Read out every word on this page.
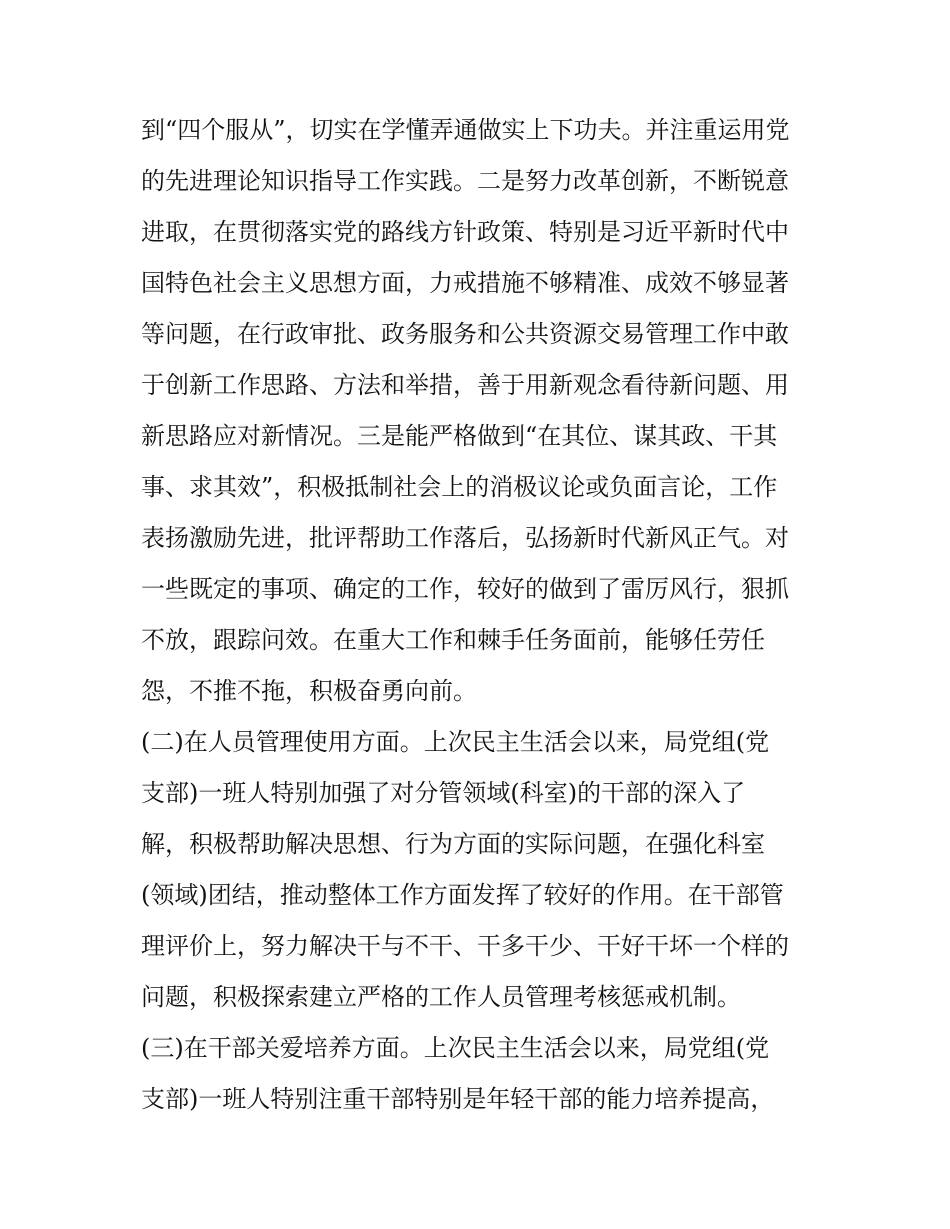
到“四个服从”，切实在学懂弄通做实上下功夫。并注重运用党
的先进理论知识指导工作实践。二是努力改革创新，不断锐意
进取，在贯彻落实党的路线方针政策、特别是习近平新时代中
国特色社会主义思想方面，力戒措施不够精准、成效不够显著
等问题，在行政审批、政务服务和公共资源交易管理工作中敢
于创新工作思路、方法和举措，善于用新观念看待新问题、用
新思路应对新情况。三是能严格做到“在其位、谋其政、干其
事、求其效”，积极抵制社会上的消极议论或负面言论，工作
表扬激励先进，批评帮助工作落后，弘扬新时代新风正气。对
一些既定的事项、确定的工作，较好的做到了雷厉风行，狠抓
不放，跟踪问效。在重大工作和棘手任务面前，能够任劳任
怨，不推不拖，积极奋勇向前。
(二)在人员管理使用方面。上次民主生活会以来，局党组(党
支部)一班人特别加强了对分管领域(科室)的干部的深入了
解，积极帮助解决思想、行为方面的实际问题，在强化科室
(领域)团结，推动整体工作方面发挥了较好的作用。在干部管
理评价上，努力解决干与不干、干多干少、干好干坏一个样的
问题，积极探索建立严格的工作人员管理考核惩戒机制。
(三)在干部关爱培养方面。上次民主生活会以来，局党组(党
支部)一班人特别注重干部特别是年轻干部的能力培养提高，
